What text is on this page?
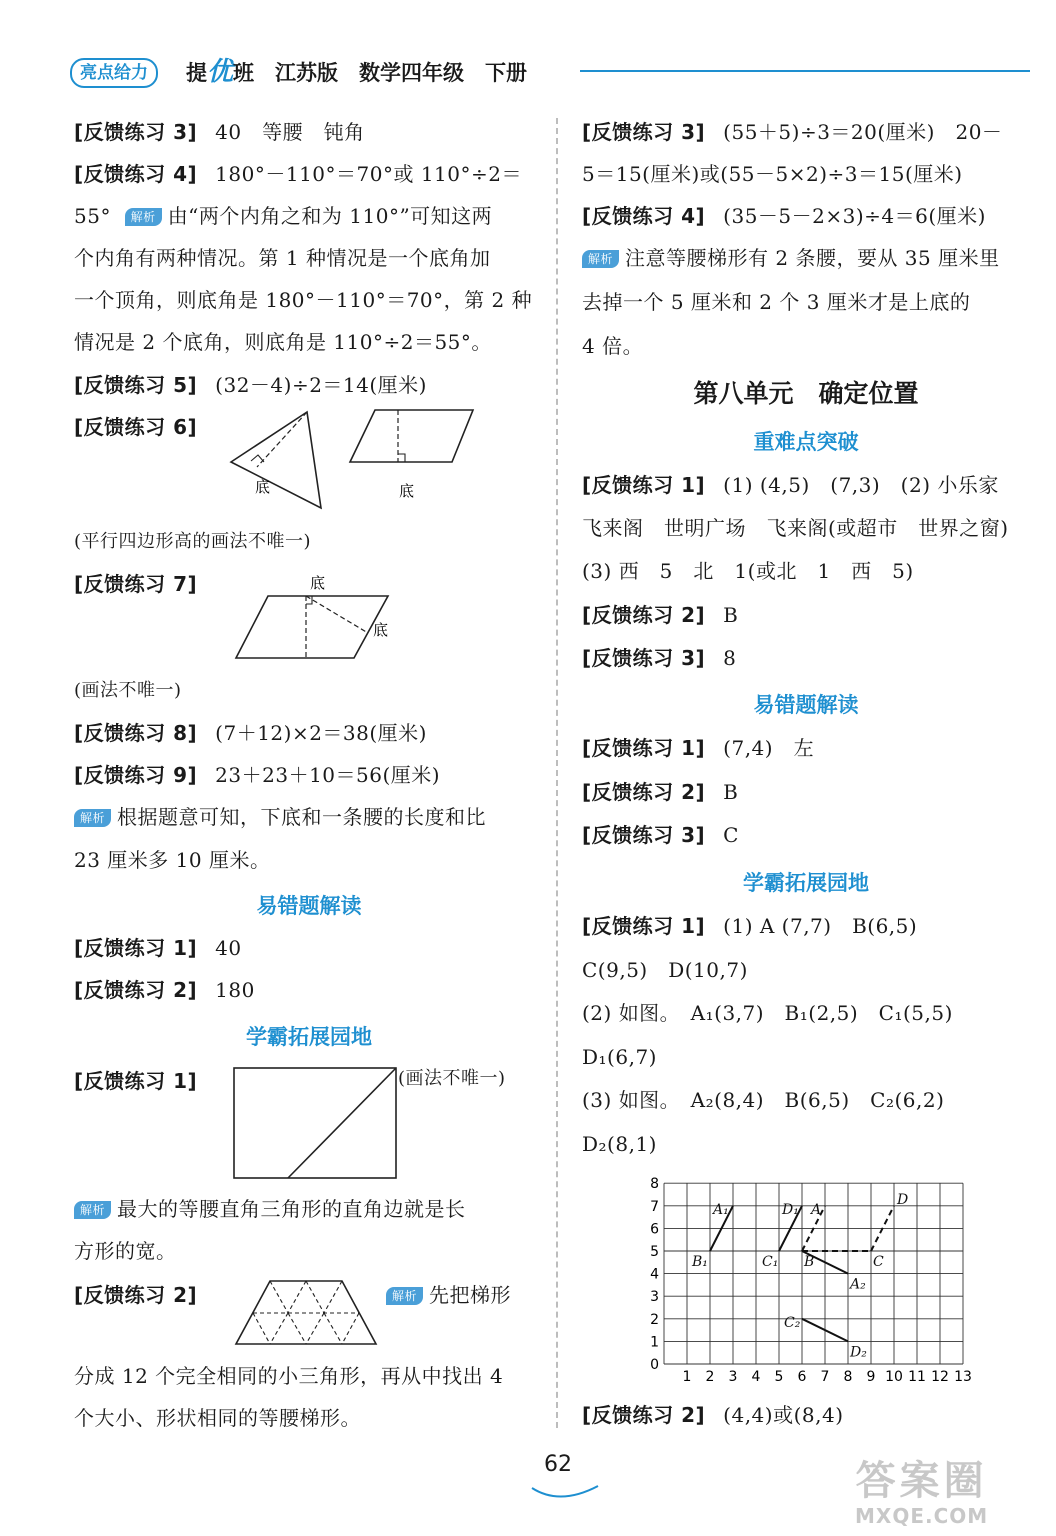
亮点给力	提优班　江苏版　数学四年级　下册
[反馈练习 3] 40　等腰　钝角
[反馈练习 4] 180°－110°＝70°或 110°÷2＝
55° 解析 由“两个内角之和为 110°”可知这两
个内角有两种情况。第 1 种情况是一个底角加
一个顶角，则底角是 180°－110°＝70°，第 2 种
情况是 2 个底角，则底角是 110°÷2＝55°。
[反馈练习 5] (32－4)÷2＝14(厘米)
[反馈练习 6]
底	底
(平行四边形高的画法不唯一)
[反馈练习 7]	底
底
(画法不唯一)
[反馈练习 8] (7＋12)×2＝38(厘米)
[反馈练习 9] 23＋23＋10＝56(厘米)
解析 根据题意可知，下底和一条腰的长度和比
23 厘米多 10 厘米。
易错题解读
[反馈练习 1] 40
[反馈练习 2] 180
学霸拓展园地
[反馈练习 1]	(画法不唯一)
解析 最大的等腰直角三角形的直角边就是长
方形的宽。
[反馈练习 2]	解析 先把梯形
分成 12 个完全相同的小三角形，再从中找出 4
个大小、形状相同的等腰梯形。
[反馈练习 3] (55＋5)÷3＝20(厘米)　20－
5＝15(厘米)或(55－5×2)÷3＝15(厘米)
[反馈练习 4] (35－5－2×3)÷4＝6(厘米)
解析 注意等腰梯形有 2 条腰，要从 35 厘米里
去掉一个 5 厘米和 2 个 3 厘米才是上底的
4 倍。
第八单元　确定位置
重难点突破
[反馈练习 1] (1) (4,5)　(7,3)　(2) 小乐家
飞来阁　世明广场　飞来阁(或超市　世界之窗)
(3) 西　5　北　1(或北　1　西　5)
[反馈练习 2] B
[反馈练习 3] 8
易错题解读
[反馈练习 1] (7,4)　左
[反馈练习 2] B
[反馈练习 3] C
学霸拓展园地
[反馈练习 1] (1) A (7,7)　B(6,5)
C(9,5)　D(10,7)
(2) 如图。　A₁(3,7)　B₁(2,5)　C₁(5,5)
D₁(6,7)
(3) 如图。　A₂(8,4)　B(6,5)　C₂(6,2)
D₂(8,1)
1 2 3 4 5 6 7 8 9 10 11 12 13
0
1
2
3
4
5
6
7
8
A₁	D₁ A
D
B₁	C₁ B	C
A₂
C₂
D₂
[反馈练习 2] (4,4)或(8,4)
62	答案圈
MXQE.COM
